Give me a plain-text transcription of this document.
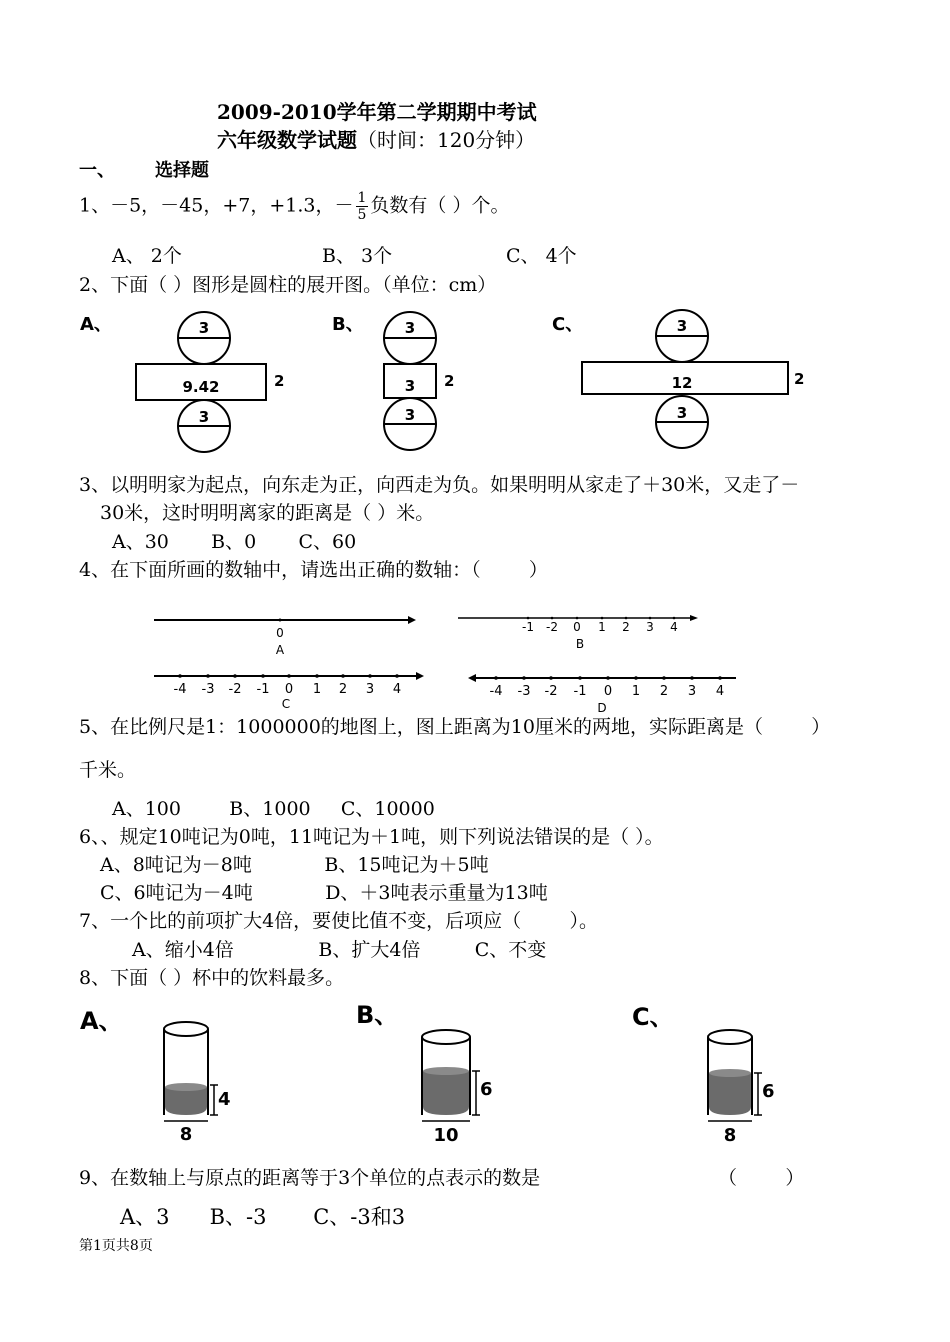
2009-2010学年第二学期期中考试
六年级数学试题（时间：120分钟）
一、 选择题
1、－5，－45，+7，+1.3，－ $\frac{1}{5}$ 负数有（ ）个。
A、 2个	B、 3个	C、 4个
2、下面（ ）图形是圆柱的展开图。（单位：cm）
A、	3
9.42	2
3
B、	3
3 2
3
C、	3
12	2
3
3、以明明家为起点，向东走为正，向西走为负。如果明明从家走了＋30米，又走了－
30米，这时明明离家的距离是（ ）米。
A、30       B、0       C、60
4、在下面所画的数轴中，请选出正确的数轴：（        ）
0
A
-1 -2 0 1 2 3 4
B
-4 -3 -2 -1 0 1 2 3 4
C
-4 -3 -2 -1 0 1 2 3 4
D
5、在比例尺是1：1000000的地图上，图上距离为10厘米的两地，实际距离是（        ）
千米。
A、100        B、1000     C、10000
6、、规定10吨记为0吨，11吨记为＋1吨，则下列说法错误的是（ ）。
A、8吨记为－8吨            B、15吨记为＋5吨
C、6吨记为－4吨            D、＋3吨表示重量为13吨
7、一个比的前项扩大4倍，要使比值不变，后项应（        ）。
A、缩小4倍              B、扩大4倍         C、不变
8、下面（ ）杯中的饮料最多。
A、
4
8
B、
6
10
C、
6
8
9、在数轴上与原点的距离等于3个单位的点表示的数是	（        ）
A、3      B、-3       C、-3和3
第1页共8页
